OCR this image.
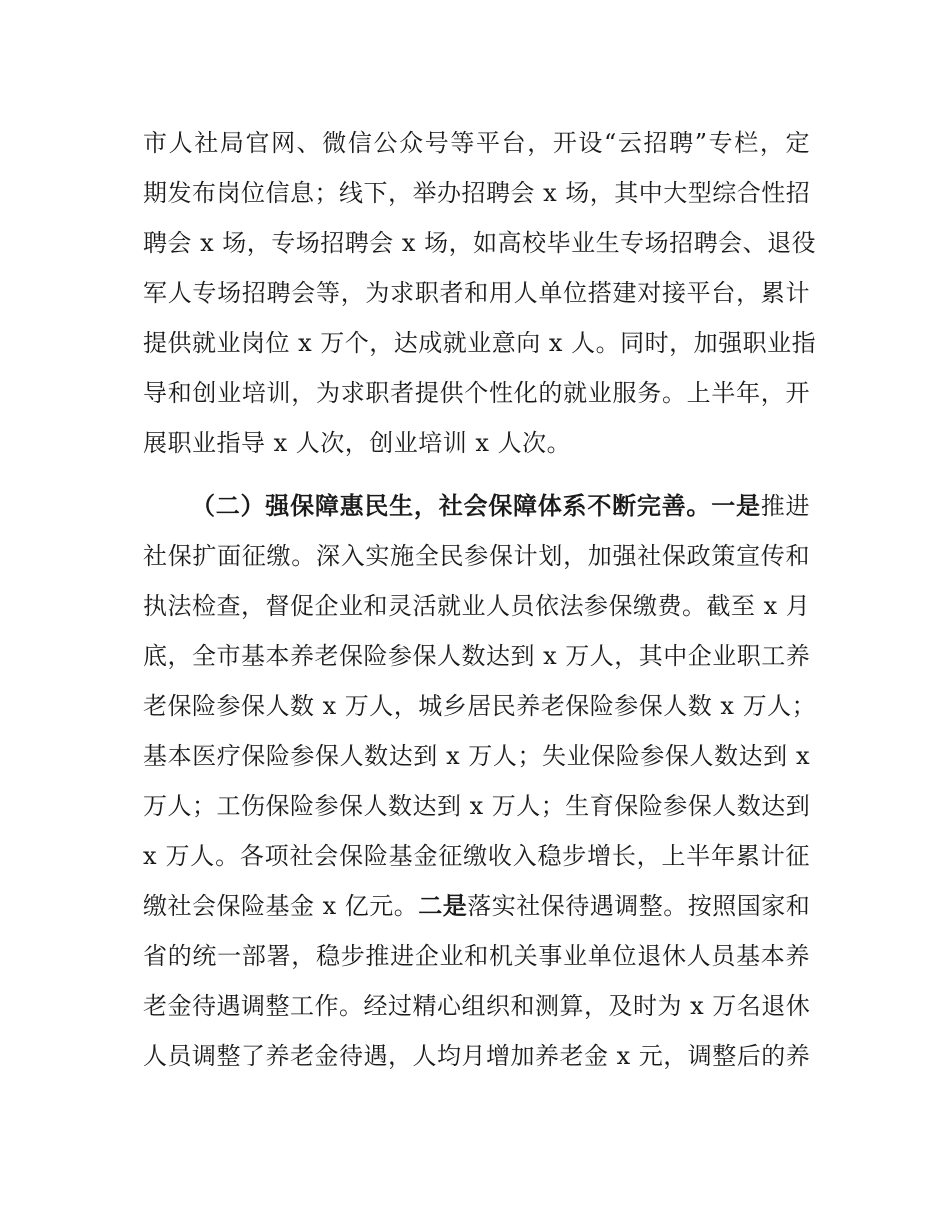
市人社局官网、微信公众号等平台，开设“云招聘”专栏，定
期发布岗位信息；线下，举办招聘会 x 场，其中大型综合性招
聘会 x 场，专场招聘会 x 场，如高校毕业生专场招聘会、退役
军人专场招聘会等，为求职者和用人单位搭建对接平台，累计
提供就业岗位 x 万个，达成就业意向 x 人。同时，加强职业指
导和创业培训，为求职者提供个性化的就业服务。上半年，开
展职业指导 x 人次，创业培训 x 人次。
（二）强保障惠民生，社会保障体系不断完善。一是推进
社保扩面征缴。深入实施全民参保计划，加强社保政策宣传和
执法检查，督促企业和灵活就业人员依法参保缴费。截至 x 月
底，全市基本养老保险参保人数达到 x 万人，其中企业职工养
老保险参保人数 x 万人，城乡居民养老保险参保人数 x 万人；
基本医疗保险参保人数达到 x 万人；失业保险参保人数达到 x
万人；工伤保险参保人数达到 x 万人；生育保险参保人数达到
x 万人。各项社会保险基金征缴收入稳步增长，上半年累计征
缴社会保险基金 x 亿元。二是落实社保待遇调整。按照国家和
省的统一部署，稳步推进企业和机关事业单位退休人员基本养
老金待遇调整工作。经过精心组织和测算，及时为 x 万名退休
人员调整了养老金待遇，人均月增加养老金 x 元，调整后的养
